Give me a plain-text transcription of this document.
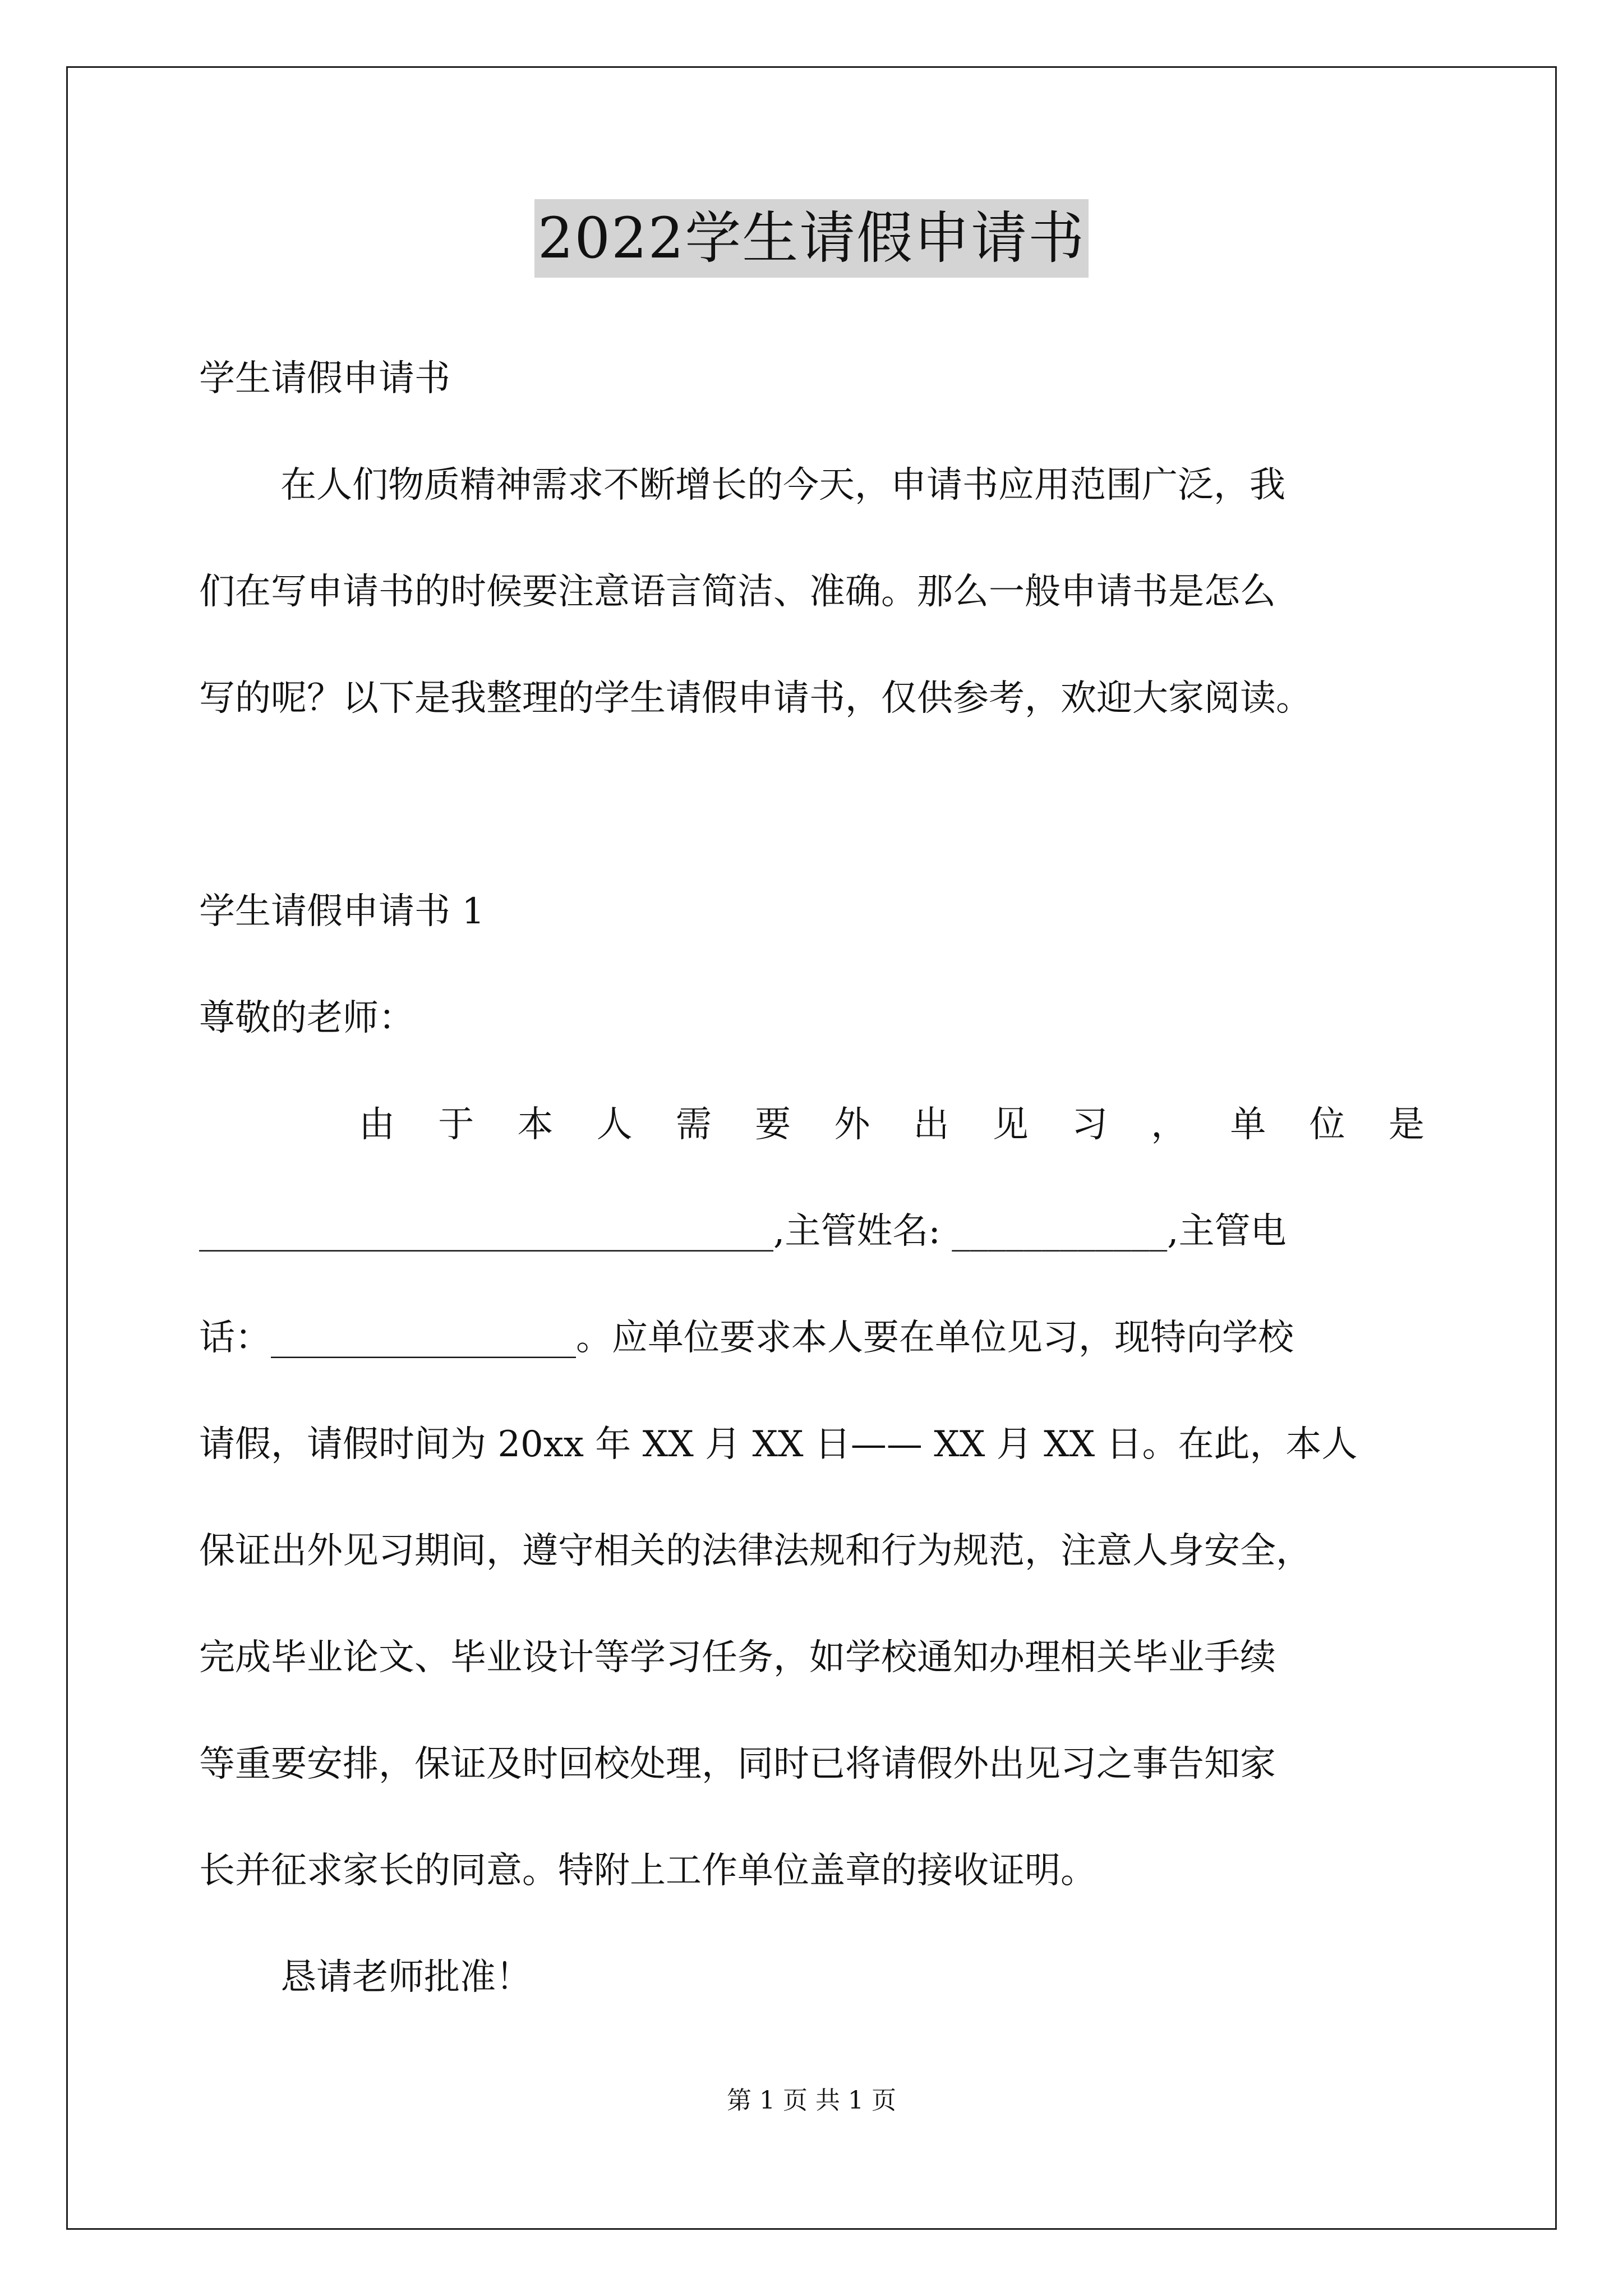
2022学生请假申请书
学生请假申请书
在人们物质精神需求不断增长的今天，申请书应用范围广泛，我
们在写申请书的时候要注意语言简洁、准确。那么一般申请书是怎么
写的呢？以下是我整理的学生请假申请书，仅供参考，欢迎大家阅读。
学生请假申请书 1
尊敬的老师：
由 于 本 人 需 要 外 出 见 习 ， 单 位 是
________________________________,主管姓名: ____________,主管电
话：_________________。应单位要求本人要在单位见习，现特向学校
请假，请假时间为 20xx 年 XX 月 XX 日—— XX 月 XX 日。在此，本人
保证出外见习期间，遵守相关的法律法规和行为规范，注意人身安全，
完成毕业论文、毕业设计等学习任务，如学校通知办理相关毕业手续
等重要安排，保证及时回校处理，同时已将请假外出见习之事告知家
长并征求家长的同意。特附上工作单位盖章的接收证明。
恳请老师批准！
第 1 页 共 1 页
